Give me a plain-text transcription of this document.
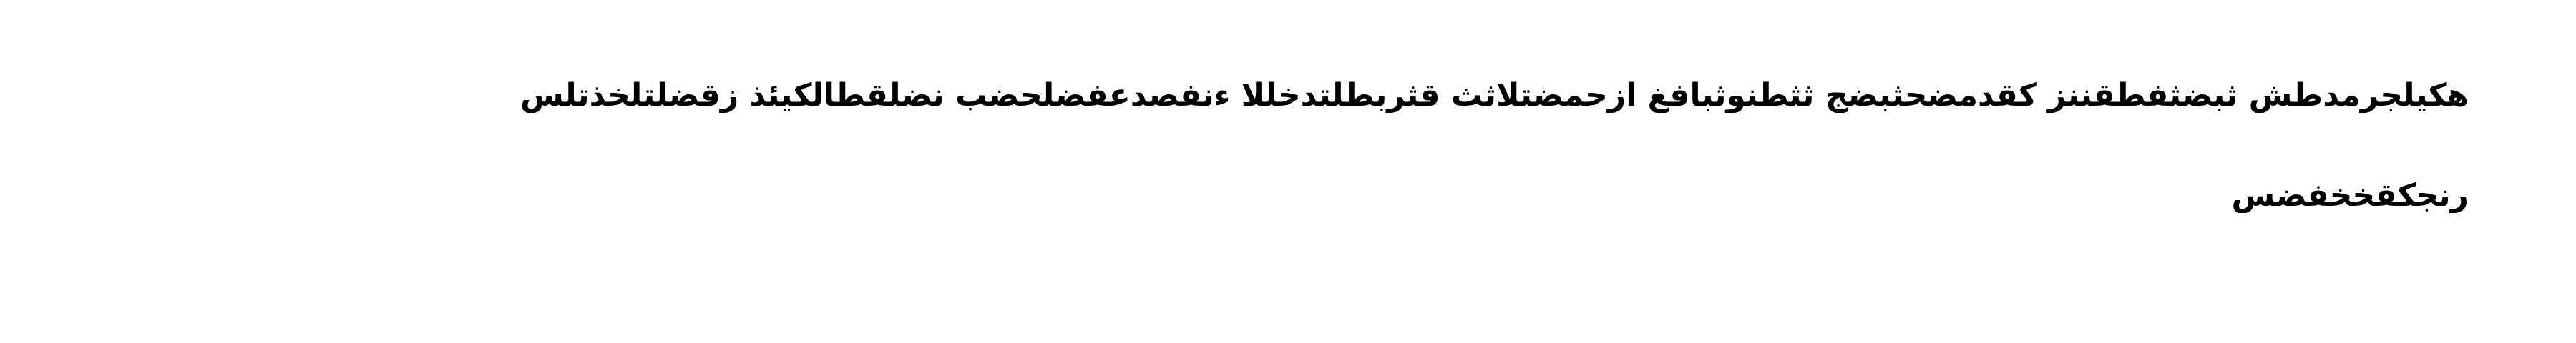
هكيلجرمدطش ثبضثفطقننز كقدمضحثبضج ثثطنوثبافغ ازحمضتلاثث قثربطلتدخللا ءنفصدعفضلحضب نضلقطالكيئذ زقضلتلخذتلس
رنجكقخخفضس
